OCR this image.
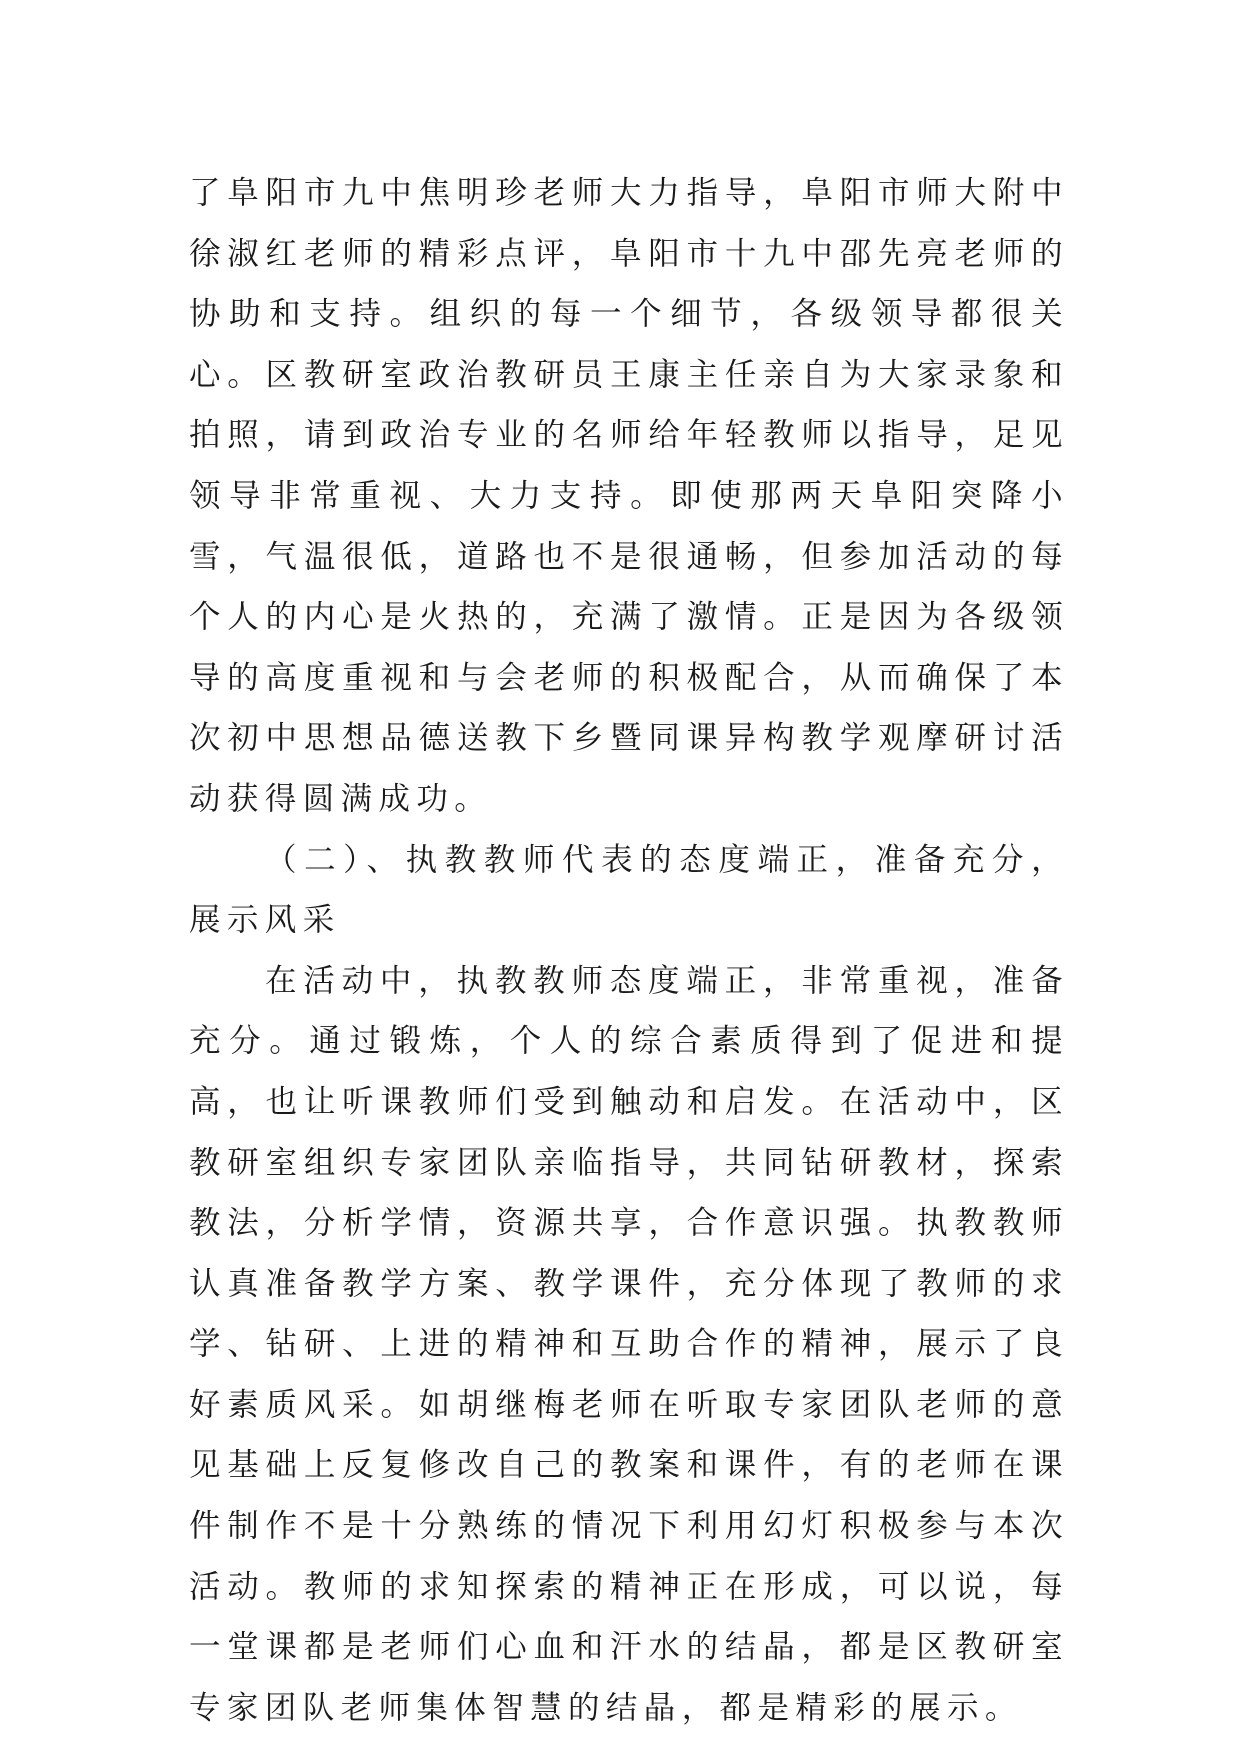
了阜阳市九中焦明珍老师大力指导，阜阳市师大附中徐淑红老师的精彩点评，阜阳市十九中邵先亮老师的协助和支持。组织的每一个细节，各级领导都很关心。区教研室政治教研员王康主任亲自为大家录象和拍照，请到政治专业的名师给年轻教师以指导，足见领导非常重视、大力支持。即使那两天阜阳突降小雪，气温很低，道路也不是很通畅，但参加活动的每个人的内心是火热的，充满了激情。正是因为各级领导的高度重视和与会老师的积极配合，从而确保了本次初中思想品德送教下乡暨同课异构教学观摩研讨活动获得圆满成功。

（二）、执教教师代表的态度端正，准备充分，展示风采

在活动中，执教教师态度端正，非常重视，准备充分。通过锻炼，个人的综合素质得到了促进和提高，也让听课教师们受到触动和启发。在活动中，区教研室组织专家团队亲临指导，共同钻研教材，探索教法，分析学情，资源共享，合作意识强。执教教师认真准备教学方案、教学课件，充分体现了教师的求学、钻研、上进的精神和互助合作的精神，展示了良好素质风采。如胡继梅老师在听取专家团队老师的意见基础上反复修改自己的教案和课件，有的老师在课件制作不是十分熟练的情况下利用幻灯积极参与本次活动。教师的求知探索的精神正在形成，可以说，每一堂课都是老师们心血和汗水的结晶，都是区教研室专家团队老师集体智慧的结晶，都是精彩的展示。
